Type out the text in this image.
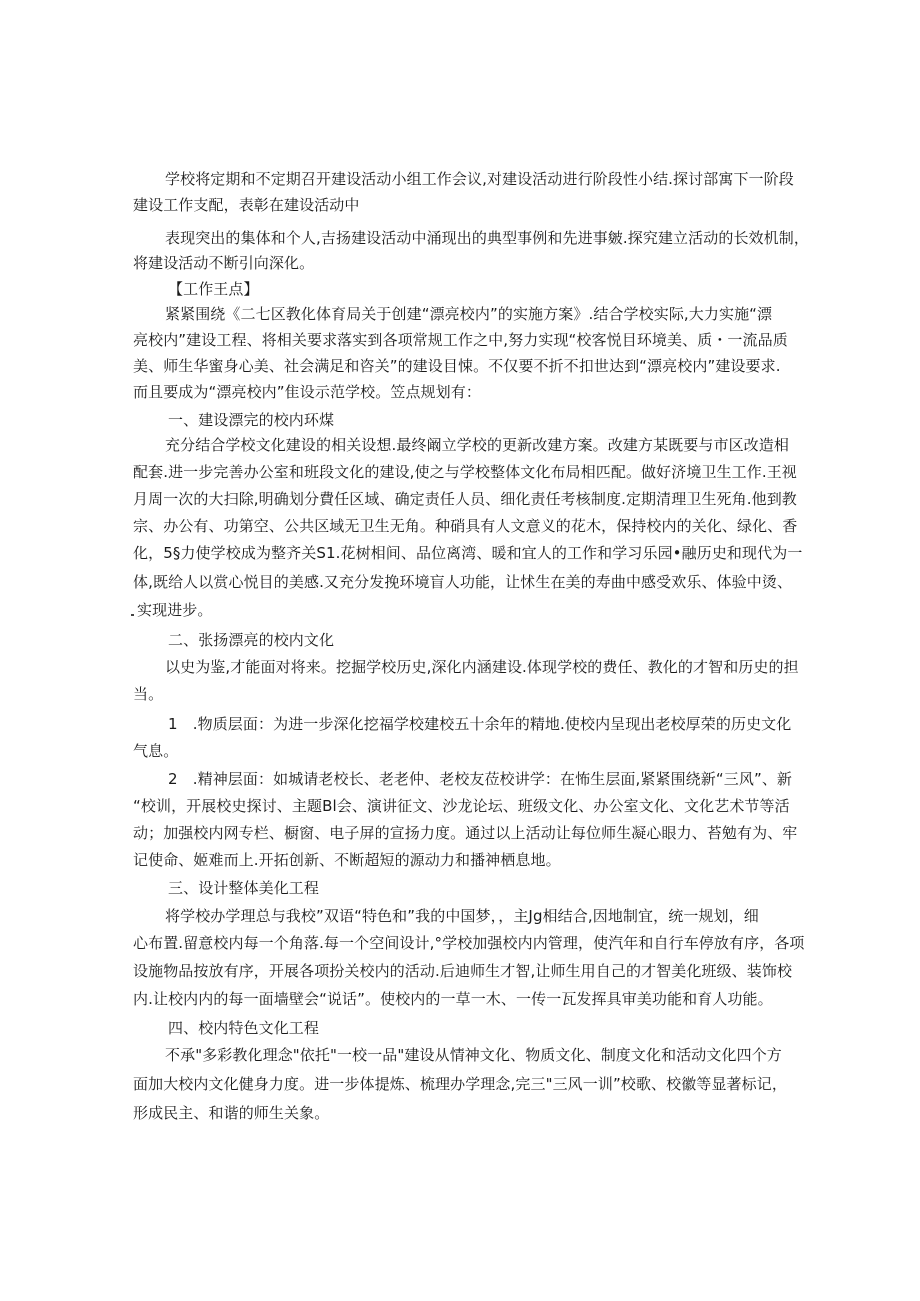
学校将定期和不定期召开建设活动小组工作会议,对建设活动进行阶段性小结.探讨部寓下一阶段

建设工作支配，表彰在建设活动中

表现突出的集体和个人,吉扬建设活动中涌现出的典型事例和先进事皴.探究建立活动的长效机制，

将建设活动不断引向深化。

【工作王点】

紧紧围绕《二七区教化体育局关于创建“漂亮校内”的实施方案》.结合学校实际,大力实施“漂

亮校内”建设工程、将相关要求落实到各项常规工作之中,努力实现“校客悦目环境美、质・一流品质

美、师生华蜜身心美、社会满足和咨关”的建设目悚。不仅要不折不扣世达到“漂亮校内”建设要求.

而且要成为“漂亮校内”隹设示范学校。笠点规划有：

一、建设漂完的校内环煤

充分结合学校文化建设的相关设想.最终阚立学校的更新改建方案。改建方某既要与市区改造相

配套.进一步完善办公室和班段文化的建设,使之与学校整体文化布局相匹配。做好济境卫生工作.王视

月周一次的大扫除,明确划分費任区域、确定责任人员、细化责任考核制度.定期清理卫生死角.他到教

宗、办公有、功第空、公共区域无卫生无角。种硝具有人文意义的花木，保持校内的关化、绿化、香

化，5§力使学校成为整齐关S1.花树相间、品位离湾、暖和宜人的工作和学习乐园•融历史和现代为一

体,既给人以赏心悦目的美感.又充分发挽环境盲人功能，让怵生在美的寿曲中感受欢乐、体验中烫、

实现进步。

二、张扬漂亮的校内文化

以史为鉴,才能面对将来。挖掘学校历史,深化内涵建设.体现学校的费任、教化的才智和历史的担

当。

1　.物质层面：为进一步深化挖福学校建校五十余年的精地.使校内呈现出老校厚荣的历史文化

气息。

2　.精神层面：如城请老校长、老老仲、老校友莅校讲学：在怖生层面,紧紧围绕新“三风”、新

“校训，开展校史探讨、主题Bl会、演讲征文、沙龙论坛、班级文化、办公室文化、文化艺术节等活

动；加强校内网专栏、橱窗、电子屏的宣扬力度。通过以上活动让每位师生凝心眼力、苔勉有为、牢

记使命、姬难而上.开拓创新、不断超短的源动力和播神栖息地。

三、设计整体美化工程

将学校办学理总与我校”双语“特色和”我的中国梦，，主Jg相结合,因地制宜，统一规划，细

心布置.留意校内每一个角落.每一个空间设计,°学校加强校内内管理，使汽年和自行车停放有序，各项

设施物品按放有序，开展各项扮关校内的活动.后迪师生才智,让师生用自己的才智美化班级、装饰校

内.让校内内的每一面墙壁会“说话”。使校内的一草一木、一传一瓦发挥具审美功能和育人功能。

四、校内特色文化工程

不承"多彩教化理念"依托"一校一品"建设从情神文化、物质文化、制度文化和活动文化四个方

面加大校内文化健身力度。进一步体提炼、梳理办学理念,完三"三风一训”校歌、校徽等显著标记，

形成民主、和谐的师生关象。
